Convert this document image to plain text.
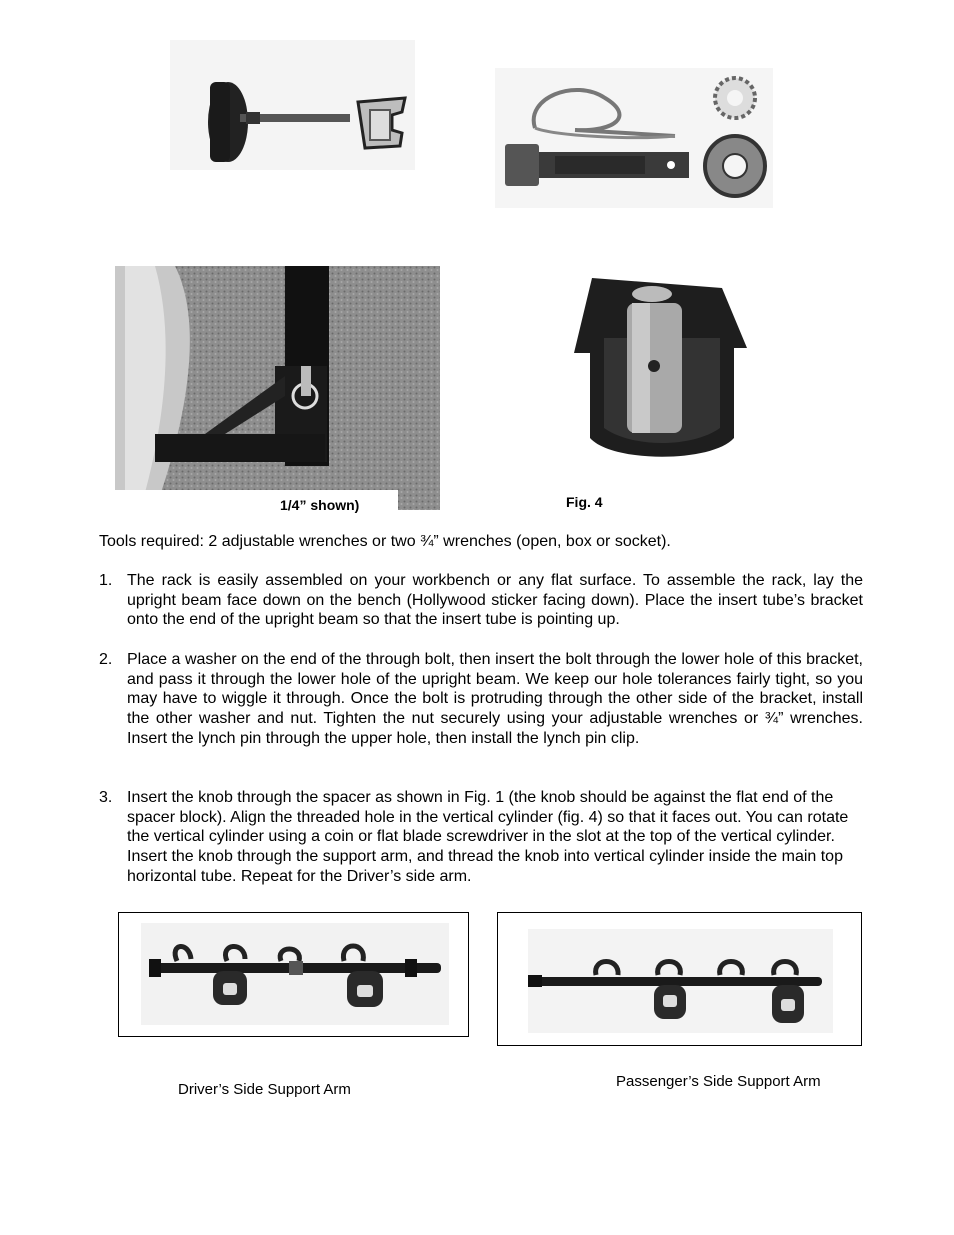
1/4” shown)	Fig. 4
Tools required: 2 adjustable wrenches or two ¾” wrenches (open, box or socket).
1. The rack is easily assembled on your workbench or any flat surface. To assemble the rack, lay the upright beam face down on the bench (Hollywood sticker facing down). Place the insert tube’s bracket onto the end of the upright beam so that the insert tube is pointing up.
2. Place a washer on the end of the through bolt, then insert the bolt through the lower hole of this bracket, and pass it through the lower hole of the upright beam. We keep our hole tolerances fairly tight, so you may have to wiggle it through. Once the bolt is protruding through the other side of the bracket, install the other washer and nut. Tighten the nut securely using your adjustable wrenches or ¾” wrenches. Insert the lynch pin through the upper hole, then install the lynch pin clip.
3. Insert the knob through the spacer as shown in Fig. 1 (the knob should be against the flat end of the spacer block). Align the threaded hole in the vertical cylinder (fig. 4) so that it faces out. You can rotate the vertical cylinder using a coin or flat blade screwdriver in the slot at the top of the vertical cylinder. Insert the knob through the support arm, and thread the knob into vertical cylinder inside the main top horizontal tube. Repeat for the Driver’s side arm.
Driver’s Side Support Arm	Passenger’s Side Support Arm
